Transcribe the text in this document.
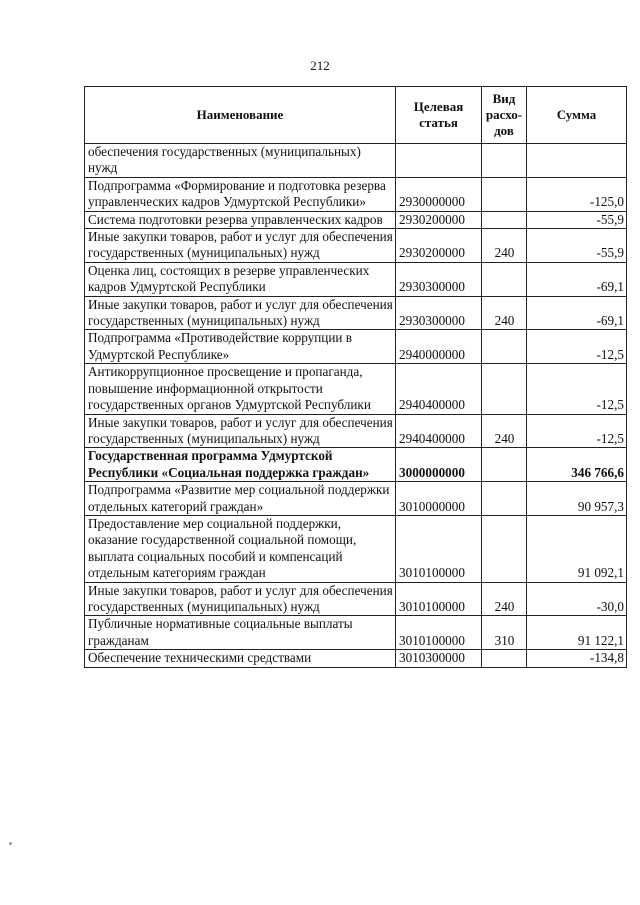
212
Наименование	Целевая статья	Вид расхо-дов	Сумма
обеспечения государственных (муниципальных) нужд			
Подпрограмма «Формирование и подготовка резерва управленческих кадров Удмуртской Республики»	2930000000		-125,0
Система подготовки резерва управленческих кадров	2930200000		-55,9
Иные закупки товаров, работ и услуг для обеспечения государственных (муниципальных) нужд	2930200000	240	-55,9
Оценка лиц, состоящих в резерве управленческих кадров Удмуртской Республики	2930300000		-69,1
Иные закупки товаров, работ и услуг для обеспечения государственных (муниципальных) нужд	2930300000	240	-69,1
Подпрограмма «Противодействие коррупции в Удмуртской Республике»	2940000000		-12,5
Антикоррупционное просвещение и пропаганда, повышение информационной открытости государственных органов Удмуртской Республики	2940400000		-12,5
Иные закупки товаров, работ и услуг для обеспечения государственных (муниципальных) нужд	2940400000	240	-12,5
Государственная программа Удмуртской Республики «Социальная поддержка граждан»	3000000000		346 766,6
Подпрограмма «Развитие мер социальной поддержки отдельных категорий граждан»	3010000000		90 957,3
Предоставление мер социальной поддержки, оказание государственной социальной помощи, выплата социальных пособий и компенсаций отдельным категориям граждан	3010100000		91 092,1
Иные закупки товаров, работ и услуг для обеспечения государственных (муниципальных) нужд	3010100000	240	-30,0
Публичные нормативные социальные выплаты гражданам	3010100000	310	91 122,1
Обеспечение техническими средствами	3010300000		-134,8
